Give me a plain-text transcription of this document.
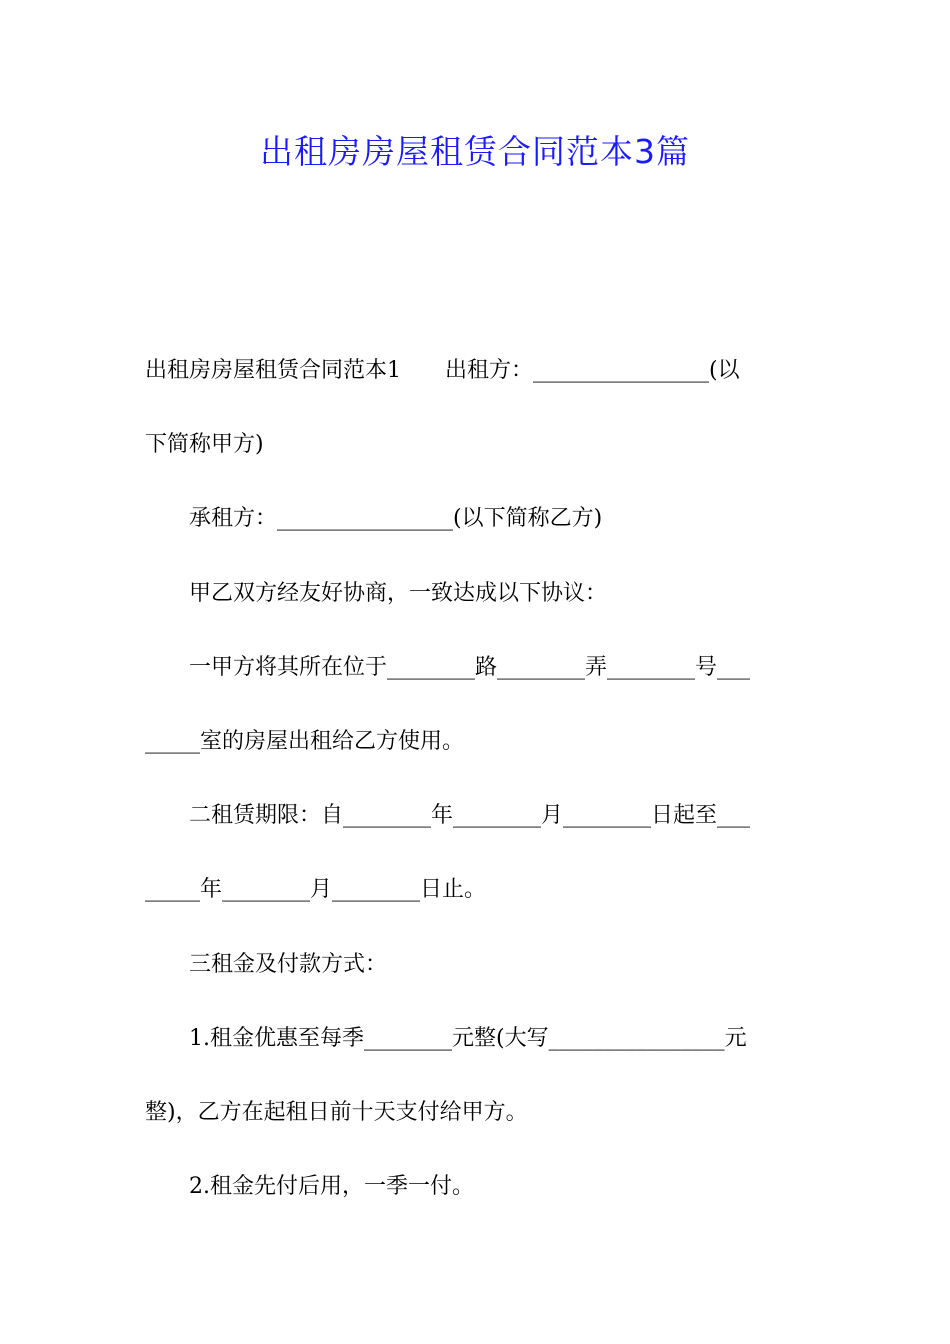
出租房房屋租赁合同范本3篇
出租房房屋租赁合同范本1　　出租方：________________(以
下简称甲方)
　　承租方：________________(以下简称乙方)
　　甲乙双方经友好协商，一致达成以下协议：
　　一甲方将其所在位于________路________弄________号___
_____室的房屋出租给乙方使用。
　　二租赁期限：自________年________月________日起至___
_____年________月________日止。
　　三租金及付款方式：
　　1.租金优惠至每季________元整(大写________________元
整)，乙方在起租日前十天支付给甲方。
　　2.租金先付后用，一季一付。
